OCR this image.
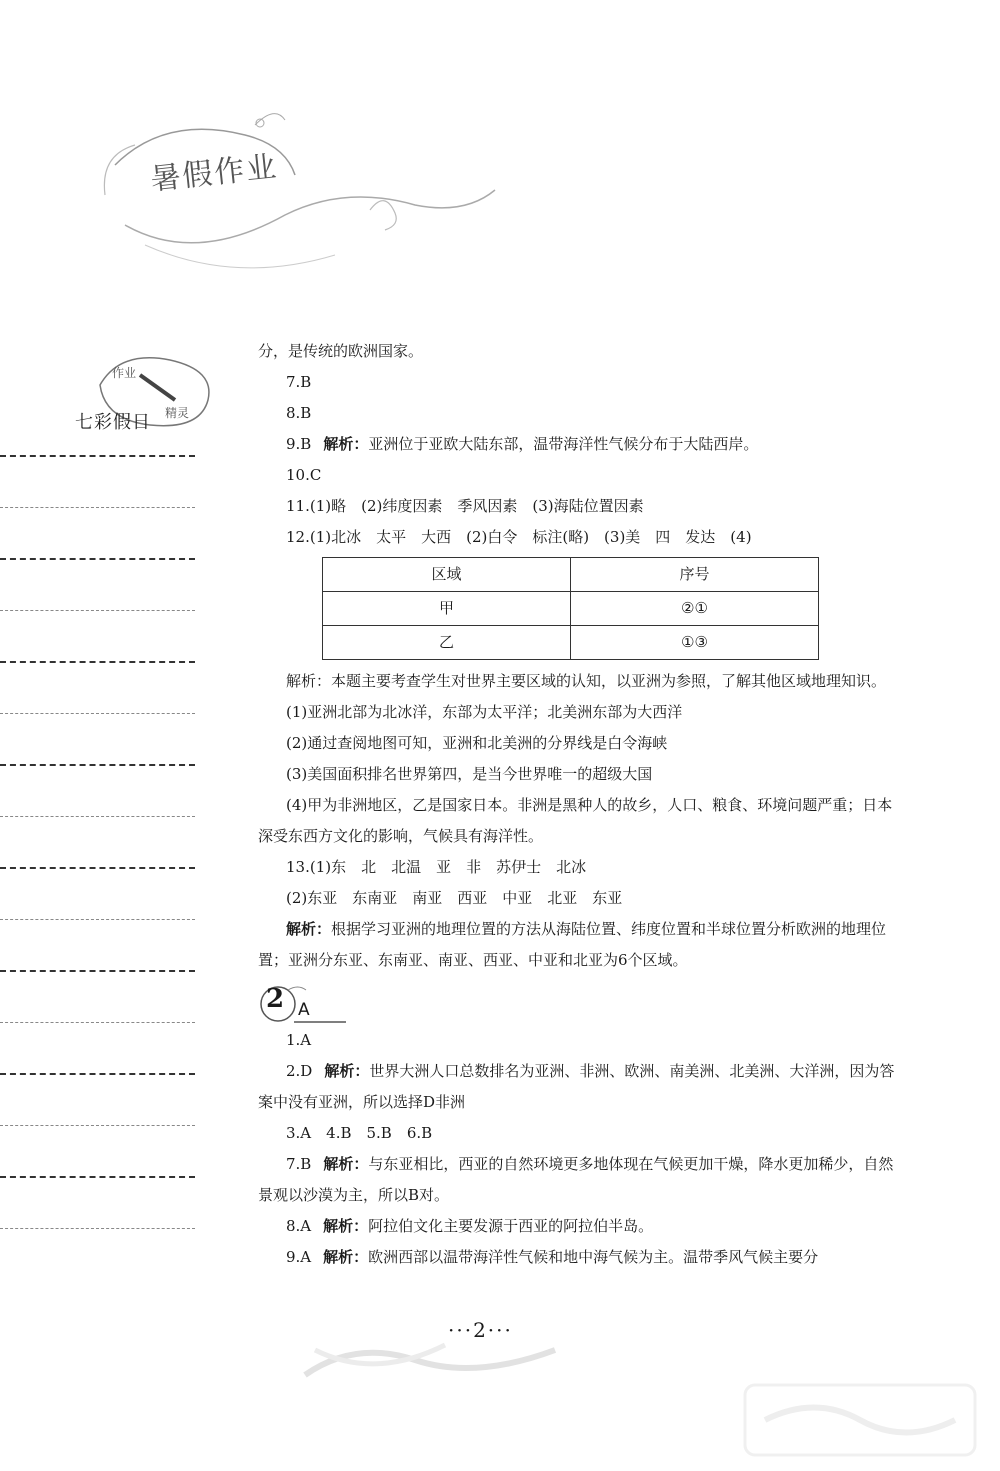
暑假作业
作业
精灵
七彩假日

分，是传统的欧洲国家。

7.B

8.B

9.B 解析：亚洲位于亚欧大陆东部，温带海洋性气候分布于大陆西岸。

10.C

11.(1)略　(2)纬度因素　季风因素　(3)海陆位置因素

12.(1)北冰　太平　大西　(2)白令　标注(略)　(3)美　四　发达　(4)

区域	序号
甲	②①
乙	①③

解析：本题主要考查学生对世界主要区域的认知，以亚洲为参照，了解其他区域地理知识。

(1)亚洲北部为北冰洋，东部为太平洋；北美洲东部为大西洋

(2)通过查阅地图可知，亚洲和北美洲的分界线是白令海峡

(3)美国面积排名世界第四，是当今世界唯一的超级大国

(4)甲为非洲地区，乙是国家日本。非洲是黑种人的故乡，人口、粮食、环境问题严重；日本深受东西方文化的影响，气候具有海洋性。

13.(1)东　北　北温　亚　非　苏伊士　北冰

(2)东亚　东南亚　南亚　西亚　中亚　北亚　东亚

解析：根据学习亚洲的地理位置的方法从海陆位置、纬度位置和半球位置分析欧洲的地理位置；亚洲分东亚、东南亚、南亚、西亚、中亚和北亚为6个区域。

2 A

1.A

2.D 解析：世界大洲人口总数排名为亚洲、非洲、欧洲、南美洲、北美洲、大洋洲，因为答案中没有亚洲，所以选择D非洲

3.A　4.B　5.B　6.B

7.B 解析：与东亚相比，西亚的自然环境更多地体现在气候更加干燥，降水更加稀少，自然景观以沙漠为主，所以B对。

8.A 解析：阿拉伯文化主要发源于西亚的阿拉伯半岛。

9.A 解析：欧洲西部以温带海洋性气候和地中海气候为主。温带季风气候主要分

···2···
